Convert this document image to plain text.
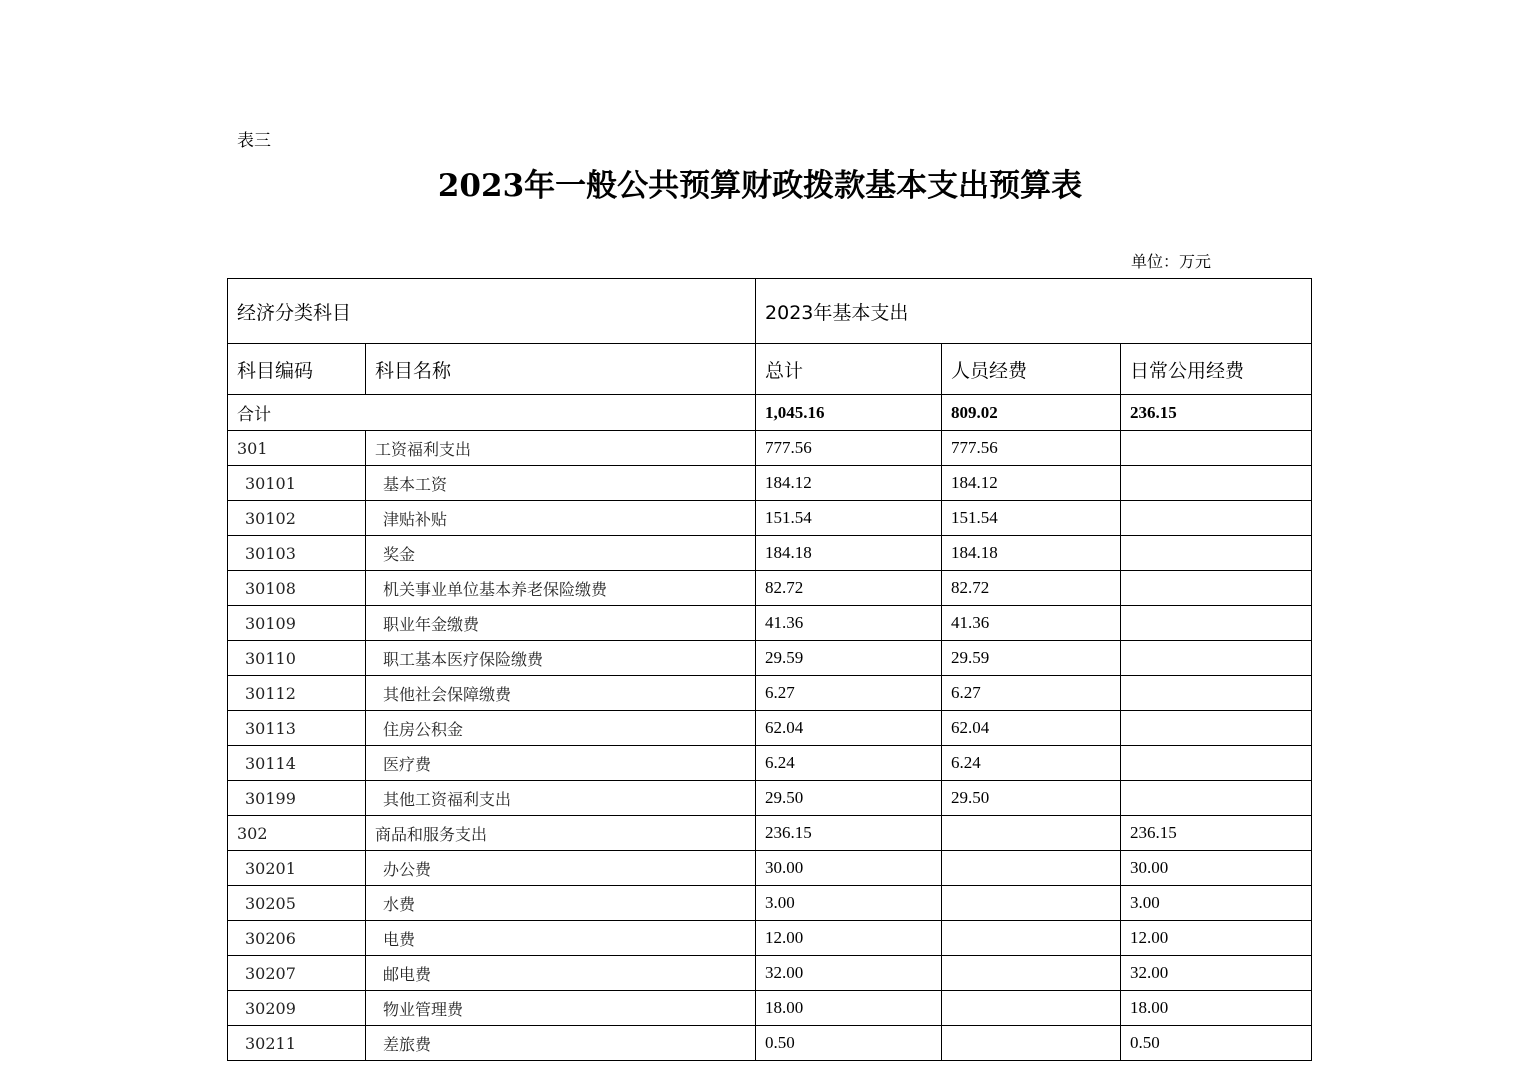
表三
2023年一般公共预算财政拨款基本支出预算表
单位：万元
经济分类科目		2023年基本支出		
科目编码	科目名称	总计	人员经费	日常公用经费
合计		1,045.16	809.02	236.15
301	工资福利支出	777.56	777.56	
30101	基本工资	184.12	184.12	
30102	津贴补贴	151.54	151.54	
30103	奖金	184.18	184.18	
30108	机关事业单位基本养老保险缴费	82.72	82.72	
30109	职业年金缴费	41.36	41.36	
30110	职工基本医疗保险缴费	29.59	29.59	
30112	其他社会保障缴费	6.27	6.27	
30113	住房公积金	62.04	62.04	
30114	医疗费	6.24	6.24	
30199	其他工资福利支出	29.50	29.50	
302	商品和服务支出	236.15		236.15
30201	办公费	30.00		30.00
30205	水费	3.00		3.00
30206	电费	12.00		12.00
30207	邮电费	32.00		32.00
30209	物业管理费	18.00		18.00
30211	差旅费	0.50		0.50
